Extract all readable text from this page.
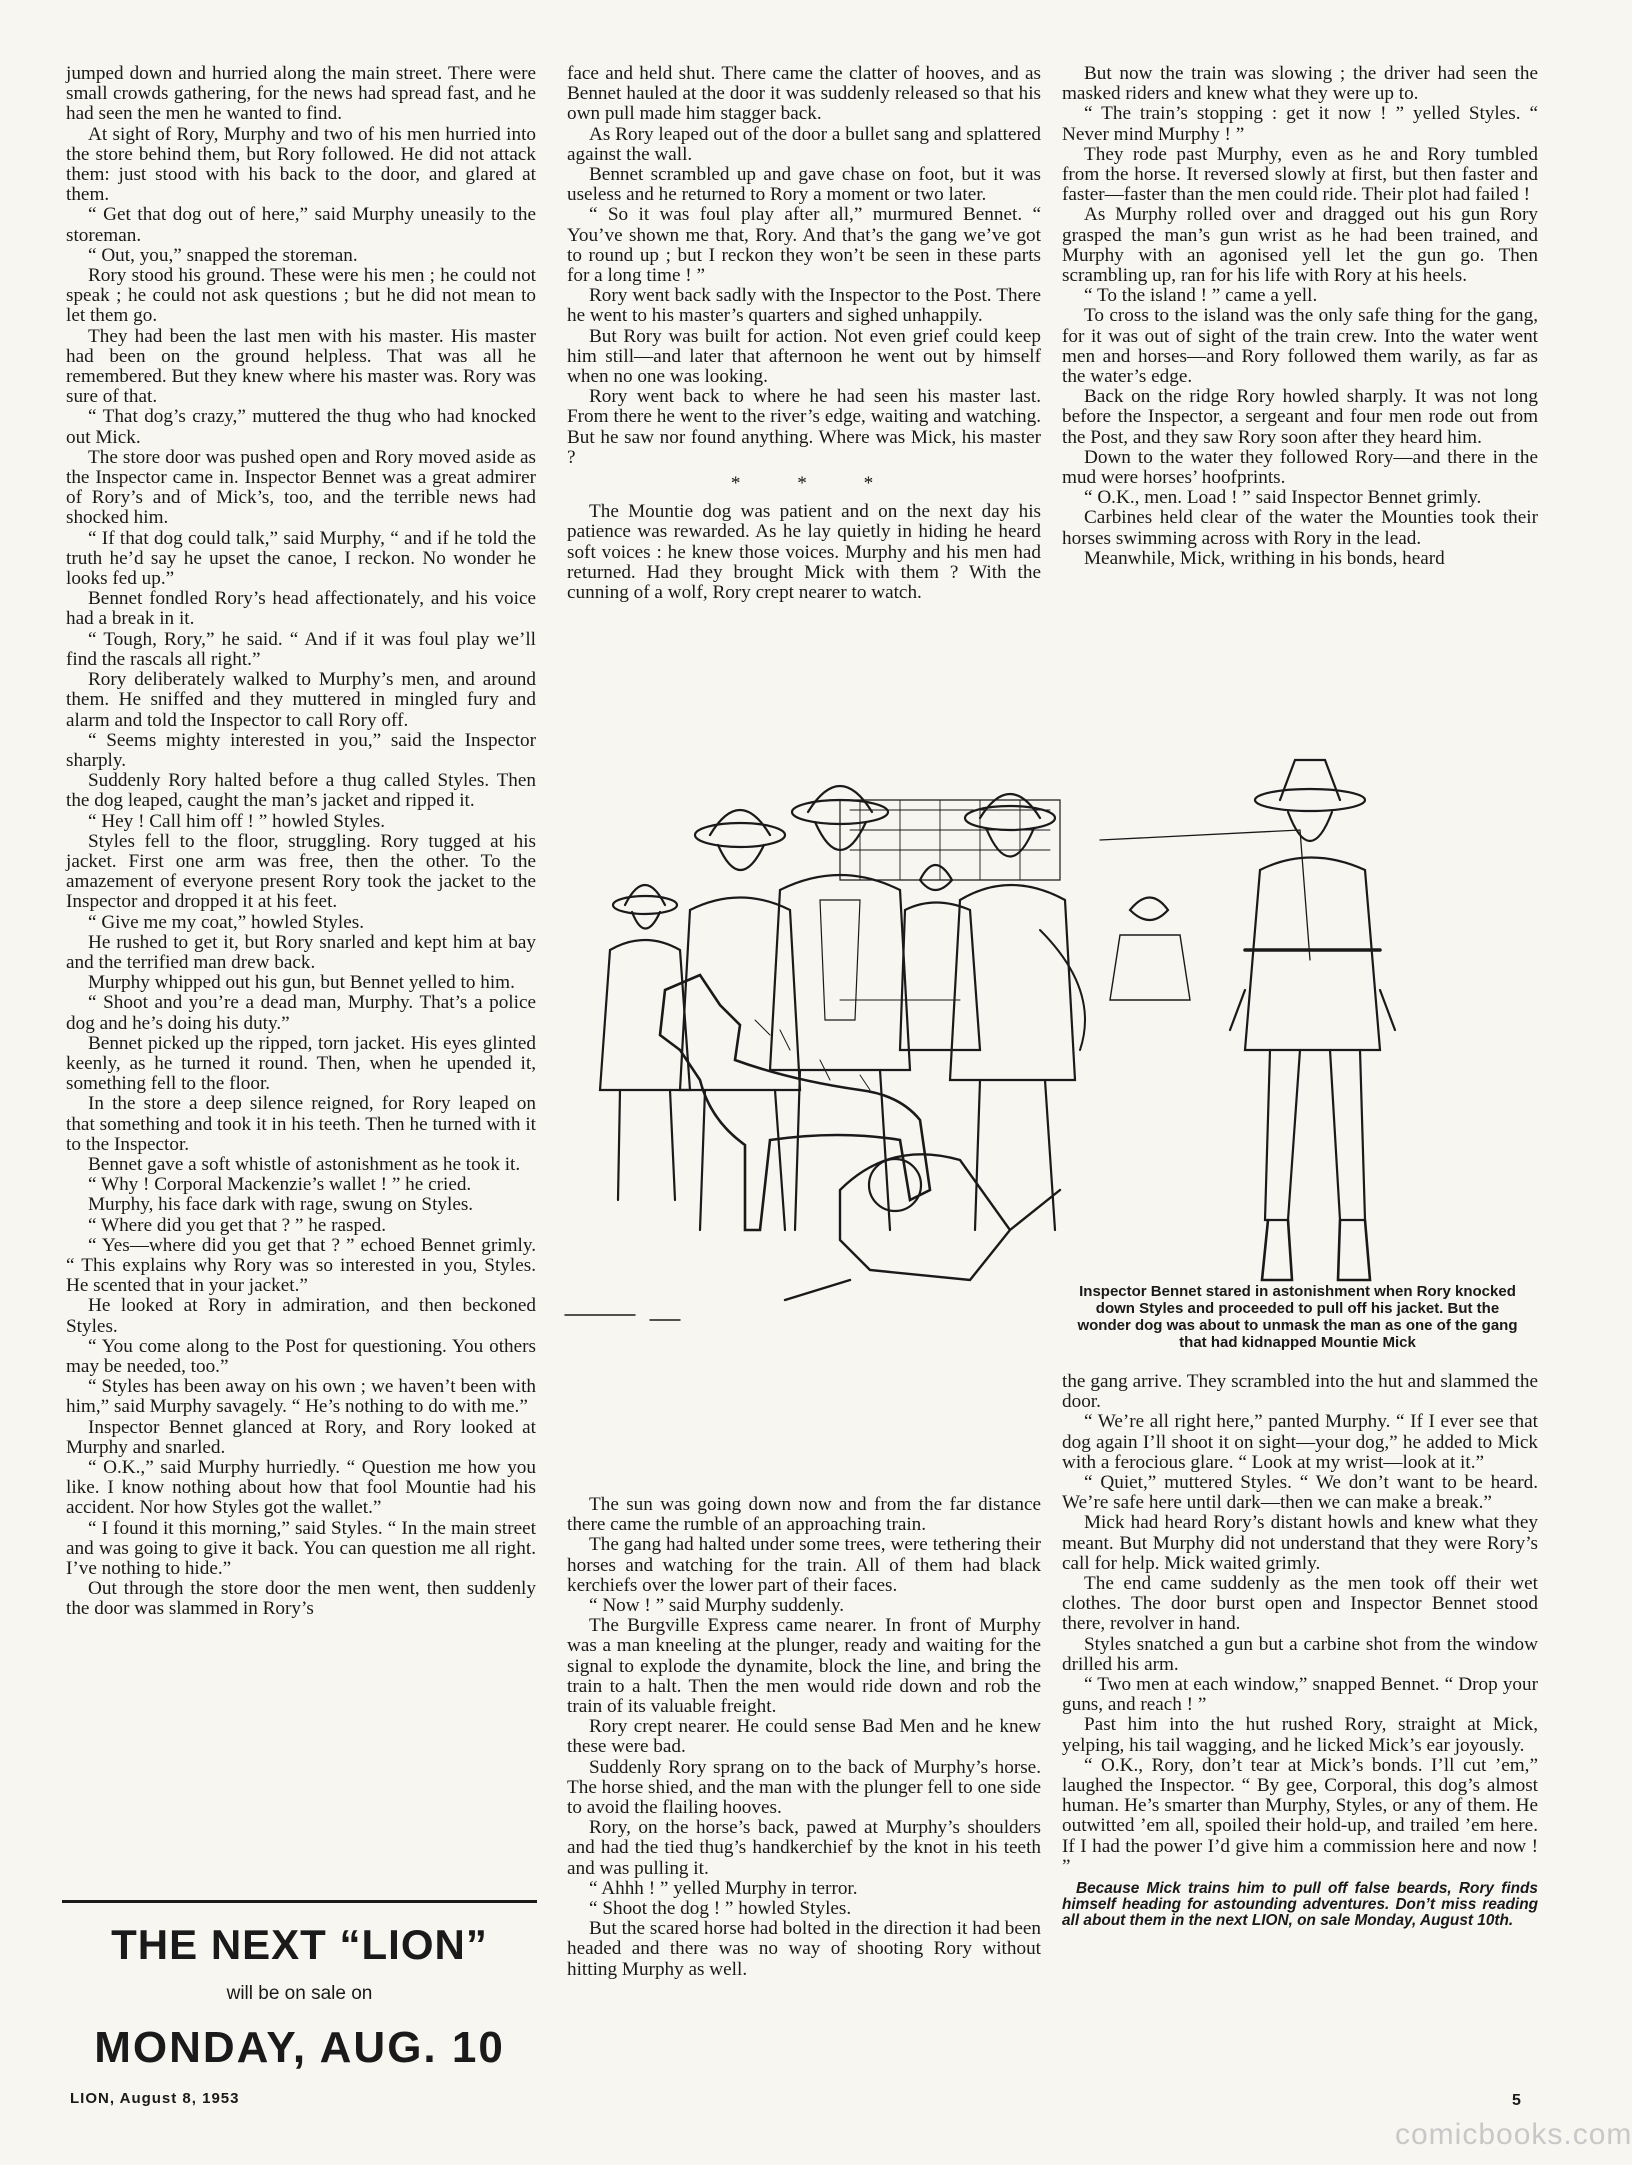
jumped down and hurried along the main street. There were small crowds gathering, for the news had spread fast, and he had seen the men he wanted to find.

At sight of Rory, Murphy and two of his men hurried into the store behind them, but Rory followed. He did not attack them: just stood with his back to the door, and glared at them.

“ Get that dog out of here,” said Murphy uneasily to the storeman.

“ Out, you,” snapped the storeman.

Rory stood his ground. These were his men ; he could not speak ; he could not ask questions ; but he did not mean to let them go.

They had been the last men with his master. His master had been on the ground helpless. That was all he remembered. But they knew where his master was. Rory was sure of that.

“ That dog’s crazy,” muttered the thug who had knocked out Mick.

The store door was pushed open and Rory moved aside as the Inspector came in. Inspector Bennet was a great admirer of Rory’s and of Mick’s, too, and the terrible news had shocked him.

“ If that dog could talk,” said Murphy, “ and if he told the truth he’d say he upset the canoe, I reckon. No wonder he looks fed up.”

Bennet fondled Rory’s head affectionately, and his voice had a break in it.

“ Tough, Rory,” he said. “ And if it was foul play we’ll find the rascals all right.”

Rory deliberately walked to Murphy’s men, and around them. He sniffed and they muttered in mingled fury and alarm and told the Inspector to call Rory off.

“ Seems mighty interested in you,” said the Inspector sharply.

Suddenly Rory halted before a thug called Styles. Then the dog leaped, caught the man’s jacket and ripped it.

“ Hey ! Call him off ! ” howled Styles.

Styles fell to the floor, struggling. Rory tugged at his jacket. First one arm was free, then the other. To the amazement of everyone present Rory took the jacket to the Inspector and dropped it at his feet.

“ Give me my coat,” howled Styles.

He rushed to get it, but Rory snarled and kept him at bay and the terrified man drew back.

Murphy whipped out his gun, but Bennet yelled to him.

“ Shoot and you’re a dead man, Murphy. That’s a police dog and he’s doing his duty.”

Bennet picked up the ripped, torn jacket. His eyes glinted keenly, as he turned it round. Then, when he upended it, something fell to the floor.

In the store a deep silence reigned, for Rory leaped on that something and took it in his teeth. Then he turned with it to the Inspector.

Bennet gave a soft whistle of astonishment as he took it.

“ Why ! Corporal Mackenzie’s wallet ! ” he cried.

Murphy, his face dark with rage, swung on Styles.

“ Where did you get that ? ” he rasped.

“ Yes—where did you get that ? ” echoed Bennet grimly. “ This explains why Rory was so interested in you, Styles. He scented that in your jacket.”

He looked at Rory in admiration, and then beckoned Styles.

“ You come along to the Post for questioning. You others may be needed, too.”

“ Styles has been away on his own ; we haven’t been with him,” said Murphy savagely. “ He’s nothing to do with me.”

Inspector Bennet glanced at Rory, and Rory looked at Murphy and snarled.

“ O.K.,” said Murphy hurriedly. “ Question me how you like. I know nothing about how that fool Mountie had his accident. Nor how Styles got the wallet.”

“ I found it this morning,” said Styles. “ In the main street and was going to give it back. You can question me all right. I’ve nothing to hide.”

Out through the store door the men went, then suddenly the door was slammed in Rory’s

face and held shut. There came the clatter of hooves, and as Bennet hauled at the door it was suddenly released so that his own pull made him stagger back.

As Rory leaped out of the door a bullet sang and splattered against the wall.

Bennet scrambled up and gave chase on foot, but it was useless and he returned to Rory a moment or two later.

“ So it was foul play after all,” murmured Bennet. “ You’ve shown me that, Rory. And that’s the gang we’ve got to round up ; but I reckon they won’t be seen in these parts for a long time ! ”

Rory went back sadly with the Inspector to the Post. There he went to his master’s quarters and sighed unhappily.

But Rory was built for action. Not even grief could keep him still—and later that afternoon he went out by himself when no one was looking.

Rory went back to where he had seen his master last. From there he went to the river’s edge, waiting and watching. But he saw nor found anything. Where was Mick, his master ?

* * *

The Mountie dog was patient and on the next day his patience was rewarded. As he lay quietly in hiding he heard soft voices : he knew those voices. Murphy and his men had returned. Had they brought Mick with them ? With the cunning of a wolf, Rory crept nearer to watch.

But now the train was slowing ; the driver had seen the masked riders and knew what they were up to.

“ The train’s stopping : get it now ! ” yelled Styles. “ Never mind Murphy ! ”

They rode past Murphy, even as he and Rory tumbled from the horse. It reversed slowly at first, but then faster and faster—faster than the men could ride. Their plot had failed !

As Murphy rolled over and dragged out his gun Rory grasped the man’s gun wrist as he had been trained, and Murphy with an agonised yell let the gun go. Then scrambling up, ran for his life with Rory at his heels.

“ To the island ! ” came a yell.

To cross to the island was the only safe thing for the gang, for it was out of sight of the train crew. Into the water went men and horses—and Rory followed them warily, as far as the water’s edge.

Back on the ridge Rory howled sharply. It was not long before the Inspector, a sergeant and four men rode out from the Post, and they saw Rory soon after they heard him.

Down to the water they followed Rory—and there in the mud were horses’ hoofprints.

“ O.K., men. Load ! ” said Inspector Bennet grimly.

Carbines held clear of the water the Mounties took their horses swimming across with Rory in the lead.

Meanwhile, Mick, writhing in his bonds, heard

Inspector Bennet stared in astonishment when Rory knocked down Styles and proceeded to pull off his jacket. But the wonder dog was about to unmask the man as one of the gang that had kidnapped Mountie Mick

The sun was going down now and from the far distance there came the rumble of an approaching train.

The gang had halted under some trees, were tethering their horses and watching for the train. All of them had black kerchiefs over the lower part of their faces.

“ Now ! ” said Murphy suddenly.

The Burgville Express came nearer. In front of Murphy was a man kneeling at the plunger, ready and waiting for the signal to explode the dynamite, block the line, and bring the train to a halt. Then the men would ride down and rob the train of its valuable freight.

Rory crept nearer. He could sense Bad Men and he knew these were bad.

Suddenly Rory sprang on to the back of Murphy’s horse. The horse shied, and the man with the plunger fell to one side to avoid the flailing hooves.

Rory, on the horse’s back, pawed at Murphy’s shoulders and had the tied thug’s handkerchief by the knot in his teeth and was pulling it.

“ Ahhh ! ” yelled Murphy in terror.

“ Shoot the dog ! ” howled Styles.

But the scared horse had bolted in the direction it had been headed and there was no way of shooting Rory without hitting Murphy as well.

the gang arrive. They scrambled into the hut and slammed the door.

“ We’re all right here,” panted Murphy. “ If I ever see that dog again I’ll shoot it on sight—your dog,” he added to Mick with a ferocious glare. “ Look at my wrist—look at it.”

“ Quiet,” muttered Styles. “ We don’t want to be heard. We’re safe here until dark—then we can make a break.”

Mick had heard Rory’s distant howls and knew what they meant. But Murphy did not understand that they were Rory’s call for help. Mick waited grimly.

The end came suddenly as the men took off their wet clothes. The door burst open and Inspector Bennet stood there, revolver in hand.

Styles snatched a gun but a carbine shot from the window drilled his arm.

“ Two men at each window,” snapped Bennet. “ Drop your guns, and reach ! ”

Past him into the hut rushed Rory, straight at Mick, yelping, his tail wagging, and he licked Mick’s ear joyously.

“ O.K., Rory, don’t tear at Mick’s bonds. I’ll cut ’em,” laughed the Inspector. “ By gee, Corporal, this dog’s almost human. He’s smarter than Murphy, Styles, or any of them. He outwitted ’em all, spoiled their hold-up, and trailed ’em here. If I had the power I’d give him a commission here and now ! ”

Because Mick trains him to pull off false beards, Rory finds himself heading for astounding adventures. Don’t miss reading all about them in the next LION, on sale Monday, August 10th.

THE NEXT “LION”
will be on sale on
MONDAY, AUG. 10
LION, August 8, 1953	5
comicbooks.com
